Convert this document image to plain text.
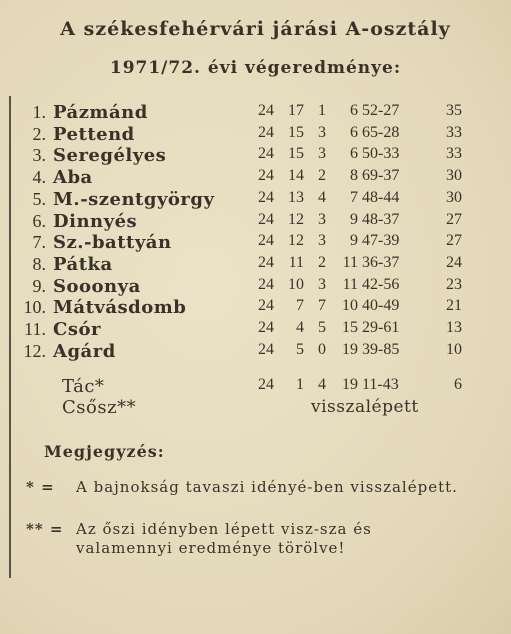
A székesfehérvári járási A-osztály
1971/72. évi végeredménye:
1. Pázmánd	24 17 1	6 52-27	35
2. Pettend	24 15 3	6 65-28	33
3. Seregélyes	24 15 3	6 50-33	33
4. Aba	24 14 2	8 69-37	30
5. M.-szentgyörgy	24 13 4	7 48-44	30
6. Dinnyés	24 12 3	9 48-37	27
7. Sz.-battyán	24 12 3	9 47-39	27
8. Pátka	24 11 2	11 36-37	24
9. Sooonya	24 10 3	11 42-56	23
10. Mátvásdomb	24	7 7	10 40-49	21
11. Csór	24	4 5	15 29-61	13
12. Agárd	24	5 0	19 39-85	10
Tác*	24	1 4	19 11-43	6
Csősz**	visszalépett
Megjegyzés:
* =	A bajnokság tavaszi idényé-ben visszalépett.
** = Az őszi idényben lépett visz-sza és valamennyi eredménye törölve!
